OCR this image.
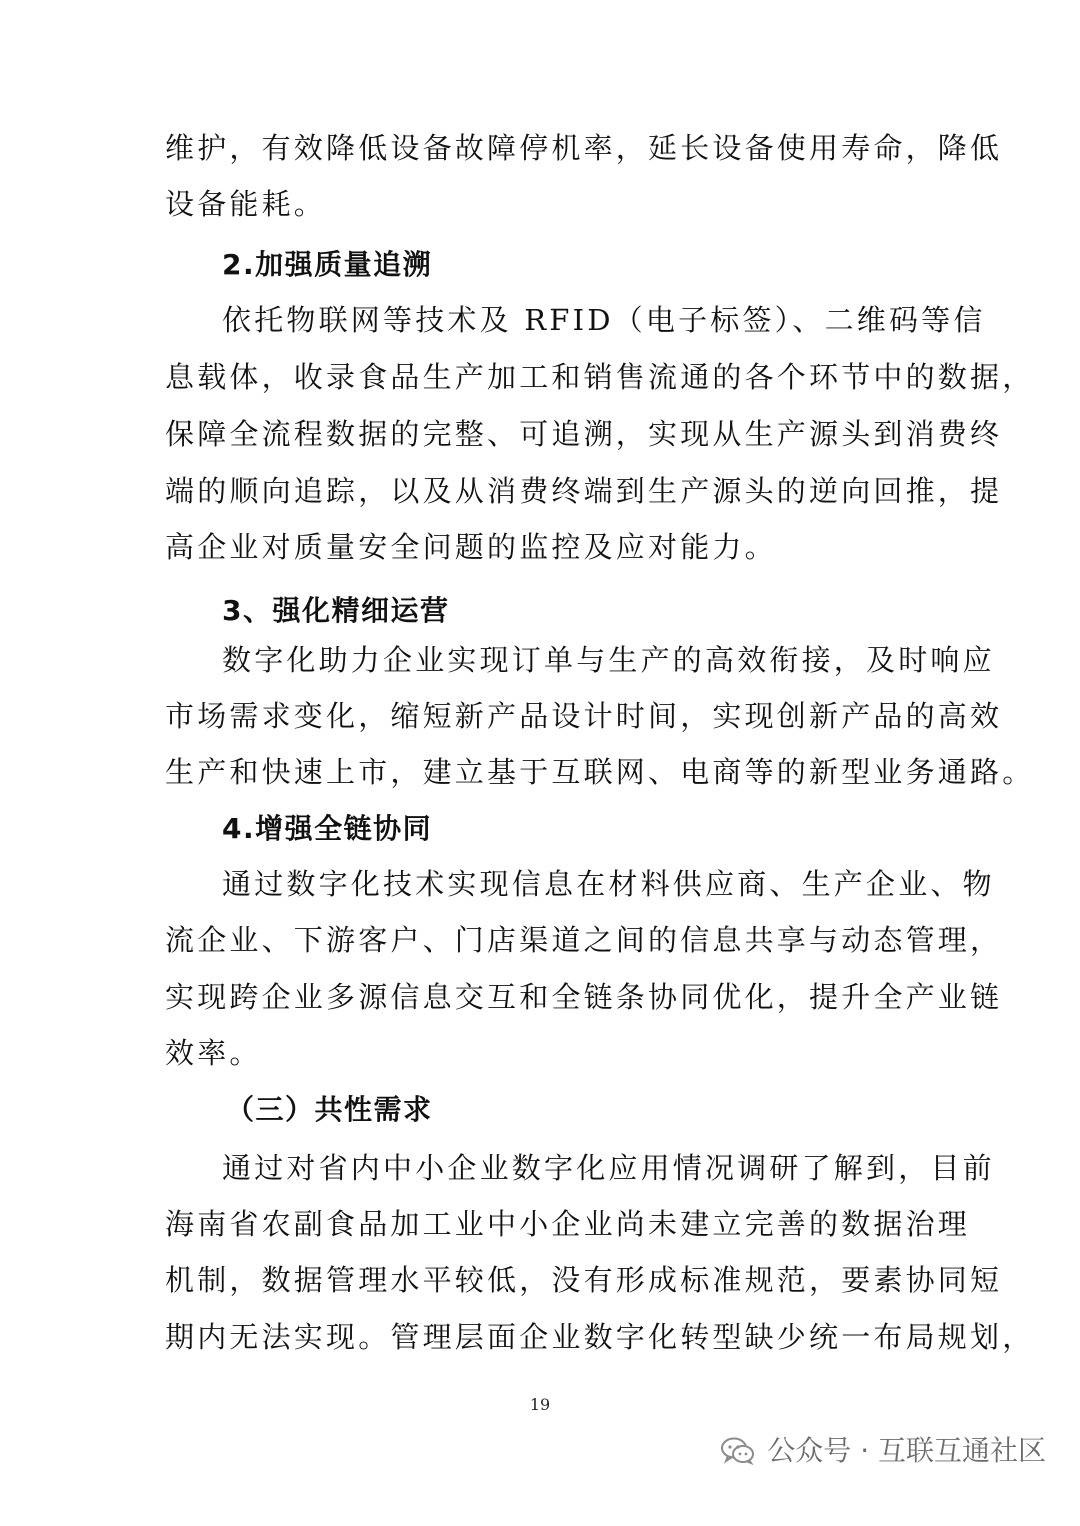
维护，有效降低设备故障停机率，延长设备使用寿命，降低
设备能耗。
2.加强质量追溯
依托物联网等技术及 RFID（电子标签）、二维码等信
息载体，收录食品生产加工和销售流通的各个环节中的数据，
保障全流程数据的完整、可追溯，实现从生产源头到消费终
端的顺向追踪，以及从消费终端到生产源头的逆向回推，提
高企业对质量安全问题的监控及应对能力。
3、强化精细运营
数字化助力企业实现订单与生产的高效衔接，及时响应
市场需求变化，缩短新产品设计时间，实现创新产品的高效
生产和快速上市，建立基于互联网、电商等的新型业务通路。
4.增强全链协同
通过数字化技术实现信息在材料供应商、生产企业、物
流企业、下游客户、门店渠道之间的信息共享与动态管理，
实现跨企业多源信息交互和全链条协同优化，提升全产业链
效率。
（三）共性需求
通过对省内中小企业数字化应用情况调研了解到，目前
海南省农副食品加工业中小企业尚未建立完善的数据治理
机制，数据管理水平较低，没有形成标准规范，要素协同短
期内无法实现。管理层面企业数字化转型缺少统一布局规划，
19
公众号 · 互联互通社区
